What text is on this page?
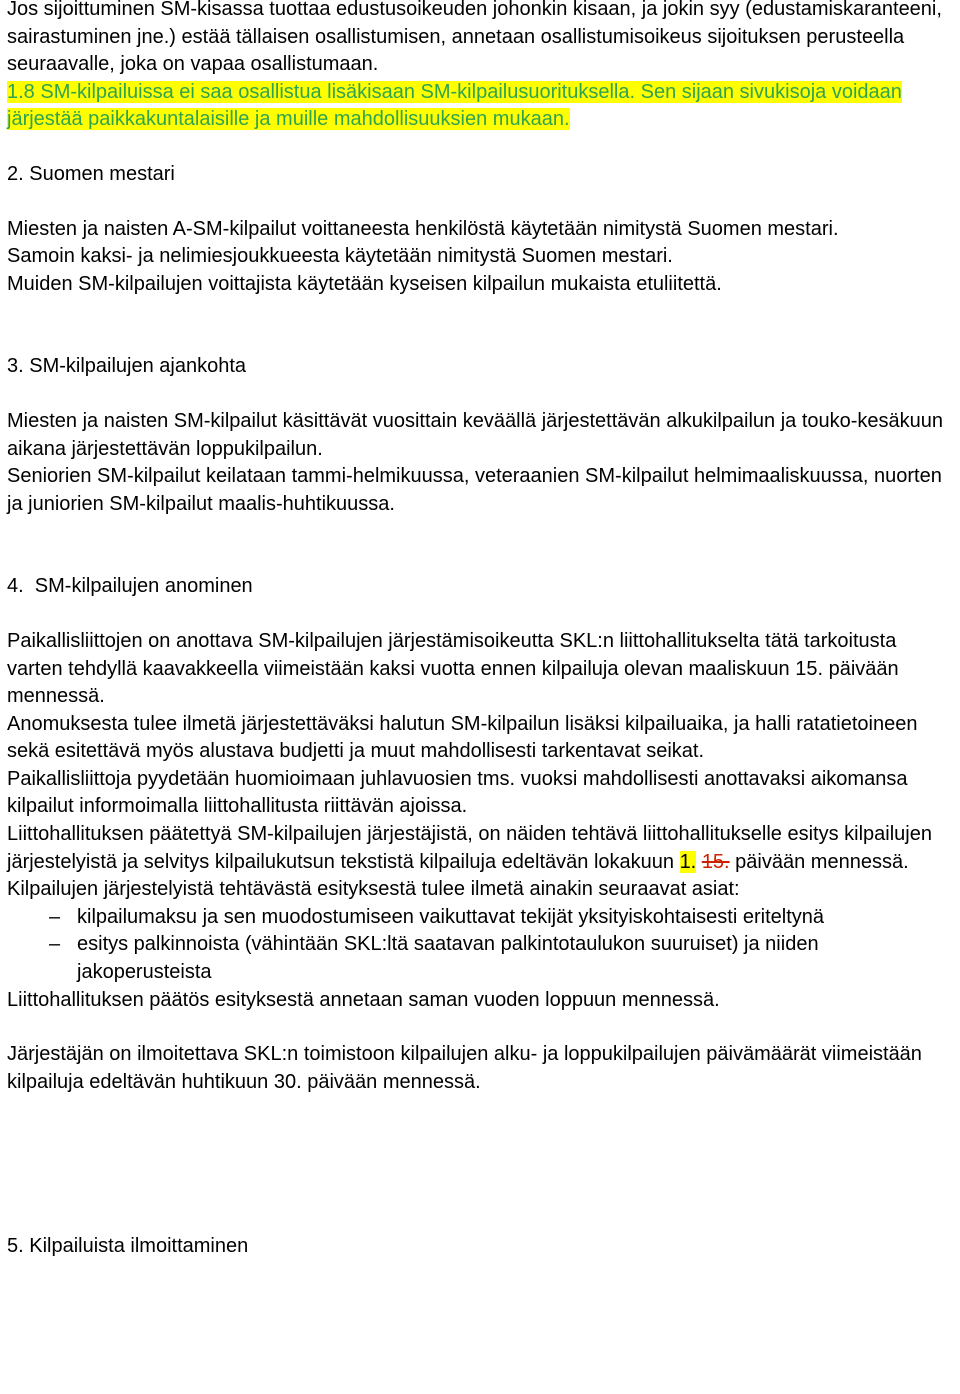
Jos sijoittuminen SM-kisassa tuottaa edustusoikeuden johonkin kisaan, ja jokin syy (edustamiskaranteeni, sairastuminen jne.) estää tällaisen osallistumisen, annetaan osallistumisoikeus sijoituksen perusteella seuraavalle, joka on vapaa osallistumaan.

1.8 SM-kilpailuissa ei saa osallistua lisäkisaan SM-kilpailusuorituksella. Sen sijaan sivukisoja voidaan järjestää paikkakuntalaisille ja muille mahdollisuuksien mukaan.

2. Suomen mestari

Miesten ja naisten A-SM-kilpailut voittaneesta henkilöstä käytetään nimitystä Suomen mestari.

Samoin kaksi- ja nelimiesjoukkueesta käytetään nimitystä Suomen mestari.

Muiden SM-kilpailujen voittajista käytetään kyseisen kilpailun mukaista etuliitettä.

3. SM-kilpailujen ajankohta

Miesten ja naisten SM-kilpailut käsittävät vuosittain keväällä järjestettävän alkukilpailun ja touko-kesäkuun aikana järjestettävän loppukilpailun.

Seniorien SM-kilpailut keilataan tammi-helmikuussa, veteraanien SM-kilpailut helmimaaliskuussa, nuorten ja juniorien SM-kilpailut maalis-huhtikuussa.

4.  SM-kilpailujen anominen

Paikallisliittojen on anottava SM-kilpailujen järjestämisoikeutta SKL:n liittohallitukselta tätä tarkoitusta varten tehdyllä kaavakkeella viimeistään kaksi vuotta ennen kilpailuja olevan maaliskuun 15. päivään mennessä.

Anomuksesta tulee ilmetä järjestettäväksi halutun SM-kilpailun lisäksi kilpailuaika, ja halli ratatietoineen sekä esitettävä myös alustava budjetti ja muut mahdollisesti tarkentavat seikat.

Paikallisliittoja pyydetään huomioimaan juhlavuosien tms. vuoksi mahdollisesti anottavaksi aikomansa kilpailut informoimalla liittohallitusta riittävän ajoissa.

Liittohallituksen päätettyä SM-kilpailujen järjestäjistä, on näiden tehtävä liittohallitukselle esitys kilpailujen järjestelyistä ja selvitys kilpailukutsun tekstistä kilpailuja edeltävän lokakuun 1. 15. päivään mennessä.

Kilpailujen järjestelyistä tehtävästä esityksestä tulee ilmetä ainakin seuraavat asiat:

– kilpailumaksu ja sen muodostumiseen vaikuttavat tekijät yksityiskohtaisesti eriteltynä
– esitys palkinnoista (vähintään SKL:ltä saatavan palkintotaulukon suuruiset) ja niiden jakoperusteista

Liittohallituksen päätös esityksestä annetaan saman vuoden loppuun mennessä.

Järjestäjän on ilmoitettava SKL:n toimistoon kilpailujen alku- ja loppukilpailujen päivämäärät viimeistään kilpailuja edeltävän huhtikuun 30. päivään mennessä.

5. Kilpailuista ilmoittaminen
